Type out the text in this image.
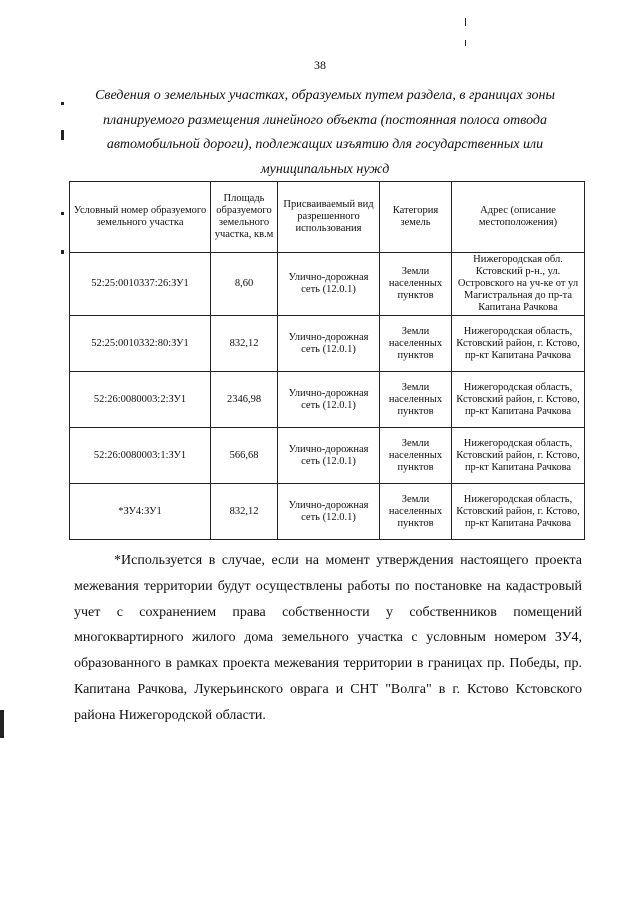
38
Сведения о земельных участках, образуемых путем раздела, в границах зоны планируемого размещения линейного объекта (постоянная полоса отвода автомобильной дороги), подлежащих изъятию для государственных или муниципальных нужд
Условный номер образуемого земельного участка	Площадь образуемого земельного участка, кв.м	Присваиваемый вид разрешенного использования	Категория земель	Адрес (описание местоположения)
52:25:0010337:26:ЗУ1	8,60	Улично-дорожная сеть (12.0.1)	Земли населенных пунктов	Нижегородская обл. Кстовский р-н., ул. Островского на уч-ке от ул Магистральная до пр-та Капитана Рачкова
52:25:0010332:80:ЗУ1	832,12	Улично-дорожная сеть (12.0.1)	Земли населенных пунктов	Нижегородская область, Кстовский район, г. Кстово, пр-кт Капитана Рачкова
52:26:0080003:2:ЗУ1	2346,98	Улично-дорожная сеть (12.0.1)	Земли населенных пунктов	Нижегородская область, Кстовский район, г. Кстово, пр-кт Капитана Рачкова
52:26:0080003:1:ЗУ1	566,68	Улично-дорожная сеть (12.0.1)	Земли населенных пунктов	Нижегородская область, Кстовский район, г. Кстово, пр-кт Капитана Рачкова
*ЗУ4:ЗУ1	832,12	Улично-дорожная сеть (12.0.1)	Земли населенных пунктов	Нижегородская область, Кстовский район, г. Кстово, пр-кт Капитана Рачкова

*Используется в случае, если на момент утверждения настоящего проекта межевания территории будут осуществлены работы по постановке на кадастровый учет с сохранением права собственности у собственников помещений многоквартирного жилого дома земельного участка с условным номером ЗУ4, образованного в рамках проекта межевания территории в границах пр. Победы, пр. Капитана Рачкова, Лукерьинского оврага и СНТ "Волга" в г. Кстово Кстовского района Нижегородской области.
